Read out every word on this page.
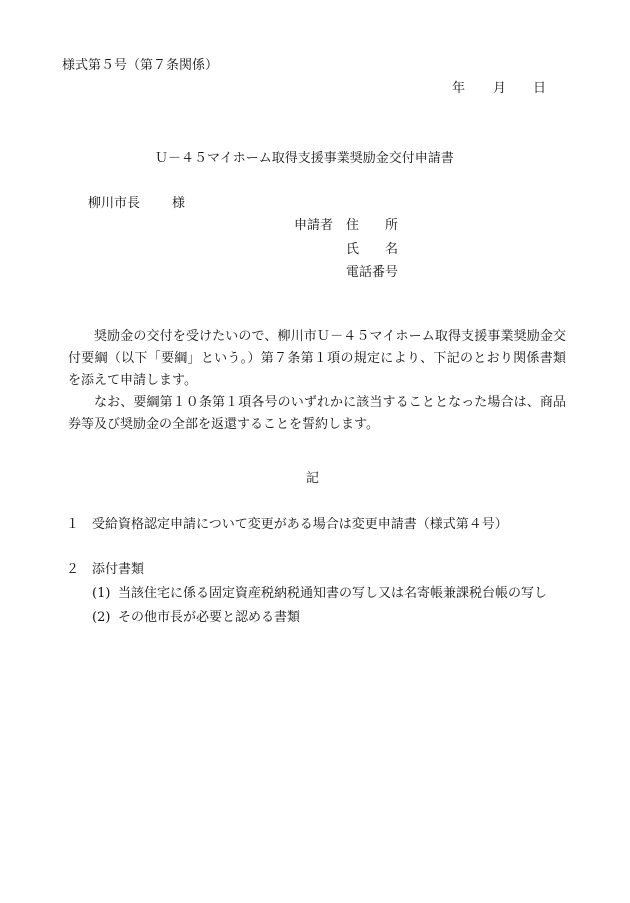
様式第５号（第７条関係）
年 月 日
Ｕ－４５マイホーム取得支援事業奨励金交付申請書
柳川市長 様
申請者 住　　所
氏　　名
電話番号

奨励金の交付を受けたいので、柳川市Ｕ－４５マイホーム取得支援事業奨励金交付要綱（以下「要綱」という。）第７条第１項の規定により、下記のとおり関係書類を添えて申請します。

なお、要綱第１０条第１項各号のいずれかに該当することとなった場合は、商品券等及び奨励金の全部を返還することを誓約します。

記
１ 受給資格認定申請について変更がある場合は変更申請書（様式第４号）
２ 添付書類
(1) 当該住宅に係る固定資産税納税通知書の写し又は名寄帳兼課税台帳の写し
(2) その他市長が必要と認める書類
